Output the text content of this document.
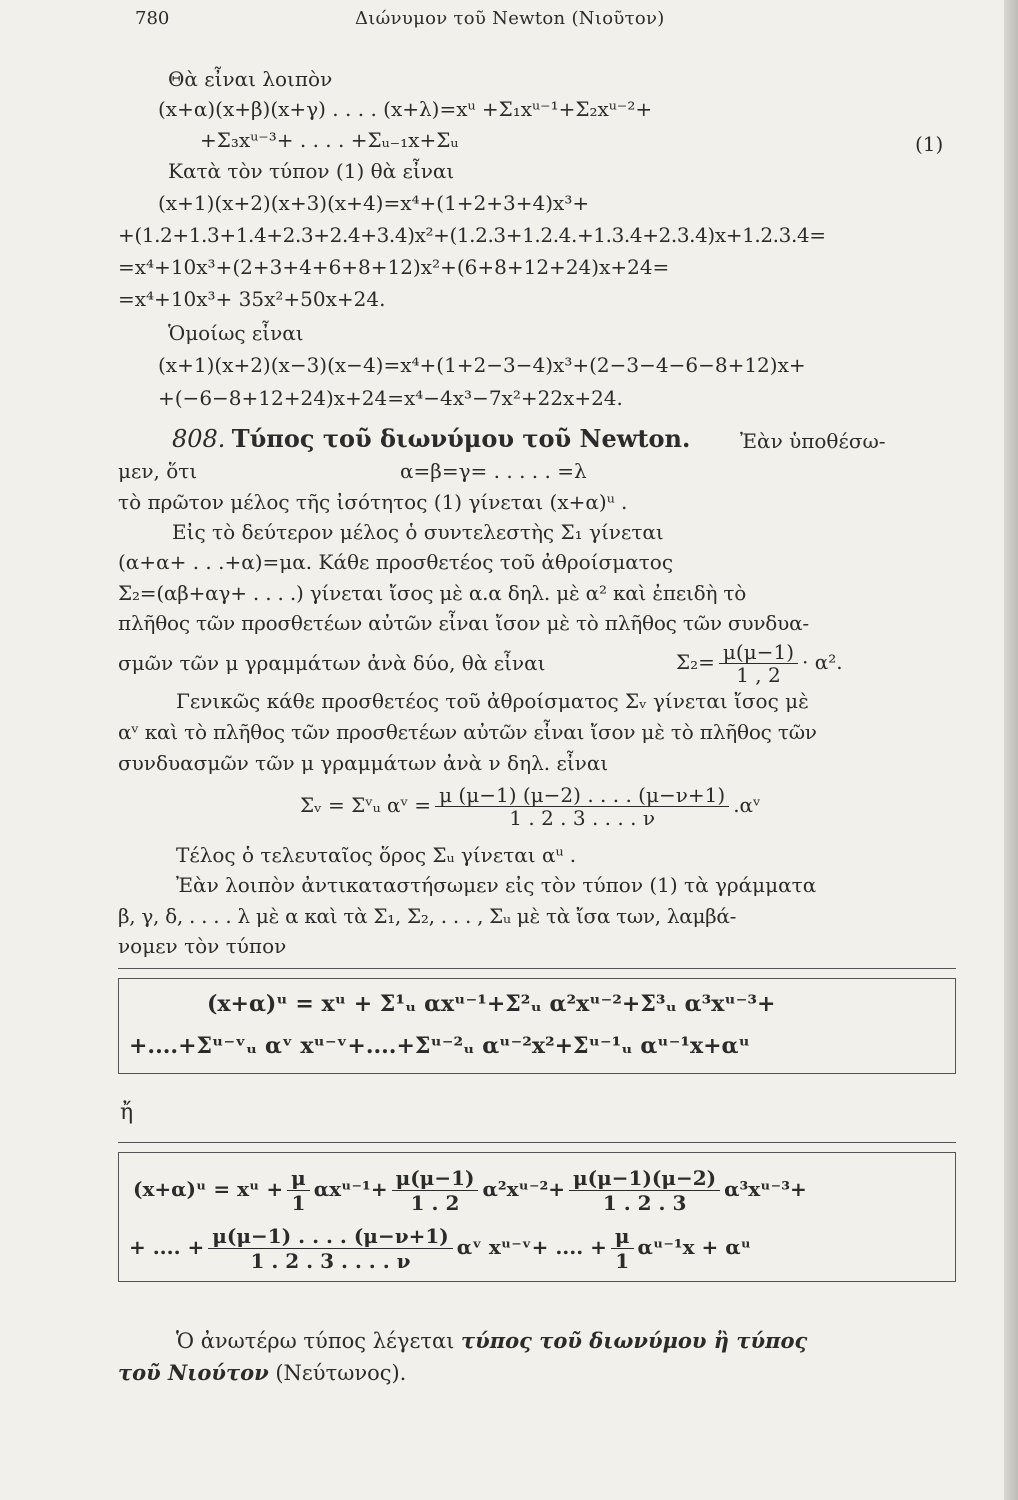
780	Διώνυμον τοῦ Newton (Νιοῦτον)
Θὰ εἶναι λοιπὸν
(x+α)(x+β)(x+γ) . . . . (x+λ)=xᵘ +Σ₁xᵘ⁻¹+Σ₂xᵘ⁻²+
+Σ₃xᵘ⁻³+ . . . . +Σᵤ₋₁x+Σᵤ	(1)
Κατὰ τὸν τύπον (1) θὰ εἶναι
(x+1)(x+2)(x+3)(x+4)=x⁴+(1+2+3+4)x³+
+(1.2+1.3+1.4+2.3+2.4+3.4)x²+(1.2.3+1.2.4.+1.3.4+2.3.4)x+1.2.3.4=
=x⁴+10x³+(2+3+4+6+8+12)x²+(6+8+12+24)x+24=
=x⁴+10x³+ 35x²+50x+24.
Ὁμοίως εἶναι
(x+1)(x+2)(x−3)(x−4)=x⁴+(1+2−3−4)x³+(2−3−4−6−8+12)x+
+(−6−8+12+24)x+24=x⁴−4x³−7x²+22x+24.
808. Τύπος τοῦ διωνύμου τοῦ Newton. Ἐὰν ὑποθέσω-
μεν, ὅτι	α=β=γ= . . . . . =λ
τὸ πρῶτον μέλος τῆς ἰσότητος (1) γίνεται (x+α)ᵘ .
Εἰς τὸ δεύτερον μέλος ὁ συντελεστὴς Σ₁ γίνεται
(α+α+ . . .+α)=μα. Κάθε προσθετέος τοῦ ἀθροίσματος
Σ₂=(αβ+αγ+ . . . .) γίνεται ἴσος μὲ α.α δηλ. μὲ α² καὶ ἐπειδὴ τὸ
πλῆθος τῶν προσθετέων αὐτῶν εἶναι ἴσον μὲ τὸ πλῆθος τῶν συνδυα-
σμῶν τῶν μ γραμμάτων ἀνὰ δύο, θὰ εἶναι	$\Sigma_2= \frac{\mu(\mu-1)}{1 , 2} \cdot \alpha^2$.
Γενικῶς κάθε προσθετέος τοῦ ἀθροίσματος Σᵥ γίνεται ἴσος μὲ
αᵛ καὶ τὸ πλῆθος τῶν προσθετέων αὐτῶν εἶναι ἴσον μὲ τὸ πλῆθος τῶν
συνδυασμῶν τῶν μ γραμμάτων ἀνὰ ν δηλ. εἶναι
Σᵥ = Σᵛᵤ αᵛ = $\frac{\mu (\mu-1) (\mu-2) . . . . (\mu-\nu+1)}{1 . 2 . 3 . . . . \nu}$ .αᵛ
Τέλος ὁ τελευταῖος ὅρος Σᵤ γίνεται αᵘ .
Ἐὰν λοιπὸν ἀντικαταστήσωμεν εἰς τὸν τύπον (1) τὰ γράμματα
β, γ, δ, . . . . λ μὲ α καὶ τὰ Σ₁, Σ₂, . . . , Σᵤ μὲ τὰ ἴσα των, λαμβά-
νομεν τὸν τύπον
(x+α)ᵘ = xᵘ + Σ¹ᵤ αxᵘ⁻¹+Σ²ᵤ α²xᵘ⁻²+Σ³ᵤ α³xᵘ⁻³+
+....+Σᵘ⁻ᵛᵤ αᵛ xᵘ⁻ᵛ+....+Σᵘ⁻²ᵤ αᵘ⁻²x²+Σᵘ⁻¹ᵤ αᵘ⁻¹x+αᵘ
ἤ
(x+α)ᵘ = xᵘ + $\frac{\mu}{1}$ αxᵘ⁻¹+ $\frac{\mu(\mu-1)}{1 . 2}$ α²xᵘ⁻²+ $\frac{\mu(\mu-1)(\mu-2)}{1 . 2 . 3}$ α³xᵘ⁻³+
+ .... + $\frac{\mu(\mu-1) . . . . (\mu-\nu+1)}{1 . 2 . 3 . . . . \nu}$ αᵛ xᵘ⁻ᵛ+ .... + $\frac{\mu}{1}$ αᵘ⁻¹x + αᵘ
Ὁ ἀνωτέρω τύπος λέγεται τύπος τοῦ διωνύμου ἢ τύπος
τοῦ Νιούτον (Νεύτωνος).
